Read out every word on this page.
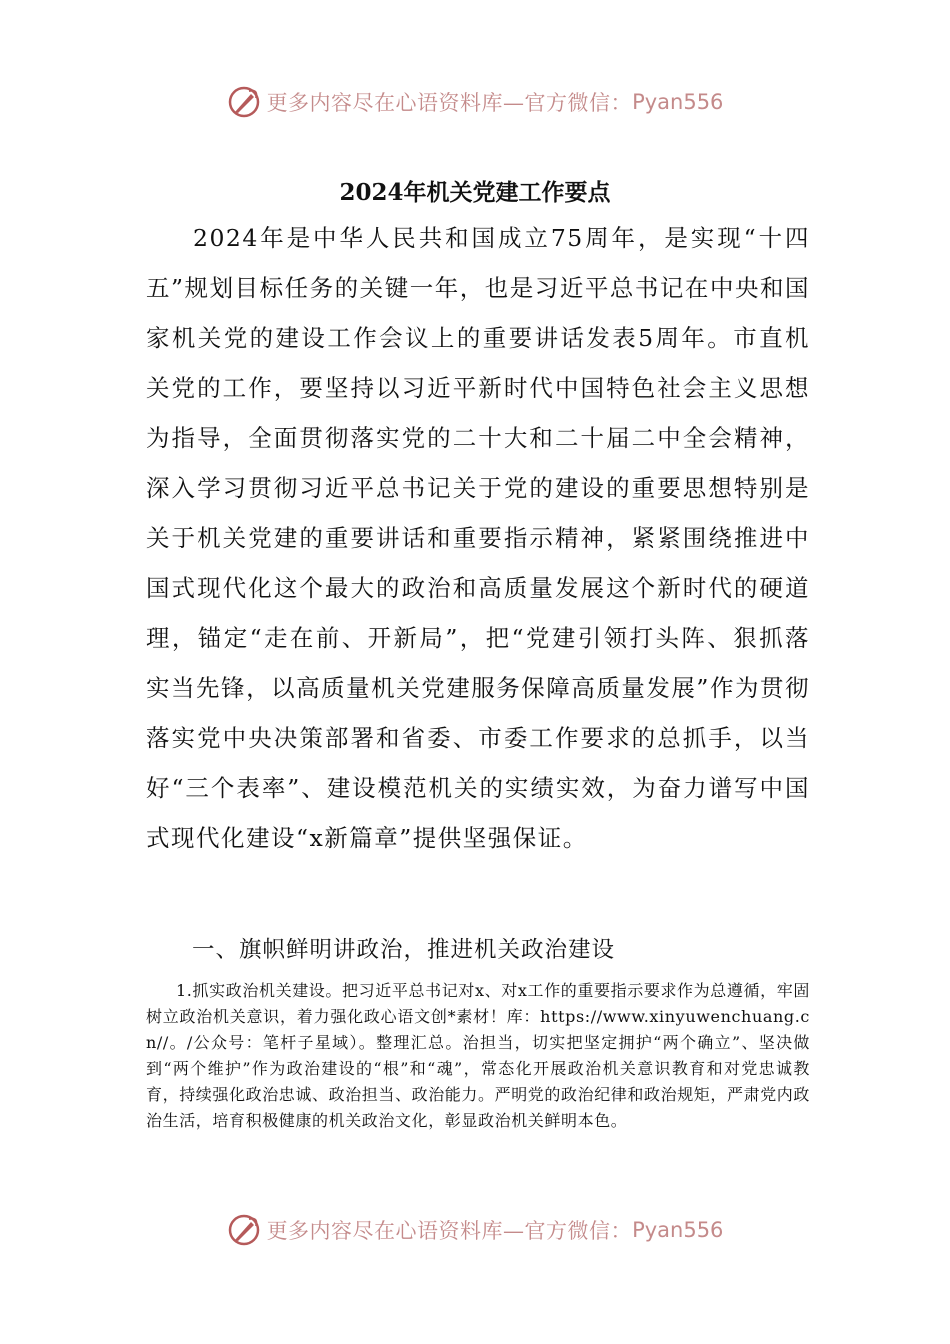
更多内容尽在心语资料库—官方微信： Pyan556
2024年机关党建工作要点

2024年是中华人民共和国成立75周年，是实现“十四五”规划目标任务的关键一年，也是习近平总书记在中央和国家机关党的建设工作会议上的重要讲话发表5周年。市直机关党的工作，要坚持以习近平新时代中国特色社会主义思想为指导，全面贯彻落实党的二十大和二十届二中全会精神，深入学习贯彻习近平总书记关于党的建设的重要思想特别是关于机关党建的重要讲话和重要指示精神，紧紧围绕推进中国式现代化这个最大的政治和高质量发展这个新时代的硬道理，锚定“走在前、开新局”，把“党建引领打头阵、狠抓落实当先锋，以高质量机关党建服务保障高质量发展”作为贯彻落实党中央决策部署和省委、市委工作要求的总抓手，以当好“三个表率”、建设模范机关的实绩实效，为奋力谱写中国式现代化建设“x新篇章”提供坚强保证。

一、旗帜鲜明讲政治，推进机关政治建设

1.抓实政治机关建设。把习近平总书记对x、对x工作的重要指示要求作为总遵循，牢固树立政治机关意识，着力强化政心语文创*素材！库：https://www.xinyuwenchuang.cn//。/公众号：笔杆子星域）。整理汇总。治担当，切实把坚定拥护“两个确立”、坚决做到“两个维护”作为政治建设的“根”和“魂”，常态化开展政治机关意识教育和对党忠诚教育，持续强化政治忠诚、政治担当、政治能力。严明党的政治纪律和政治规矩，严肃党内政治生活，培育积极健康的机关政治文化，彰显政治机关鲜明本色。

更多内容尽在心语资料库—官方微信： Pyan556
